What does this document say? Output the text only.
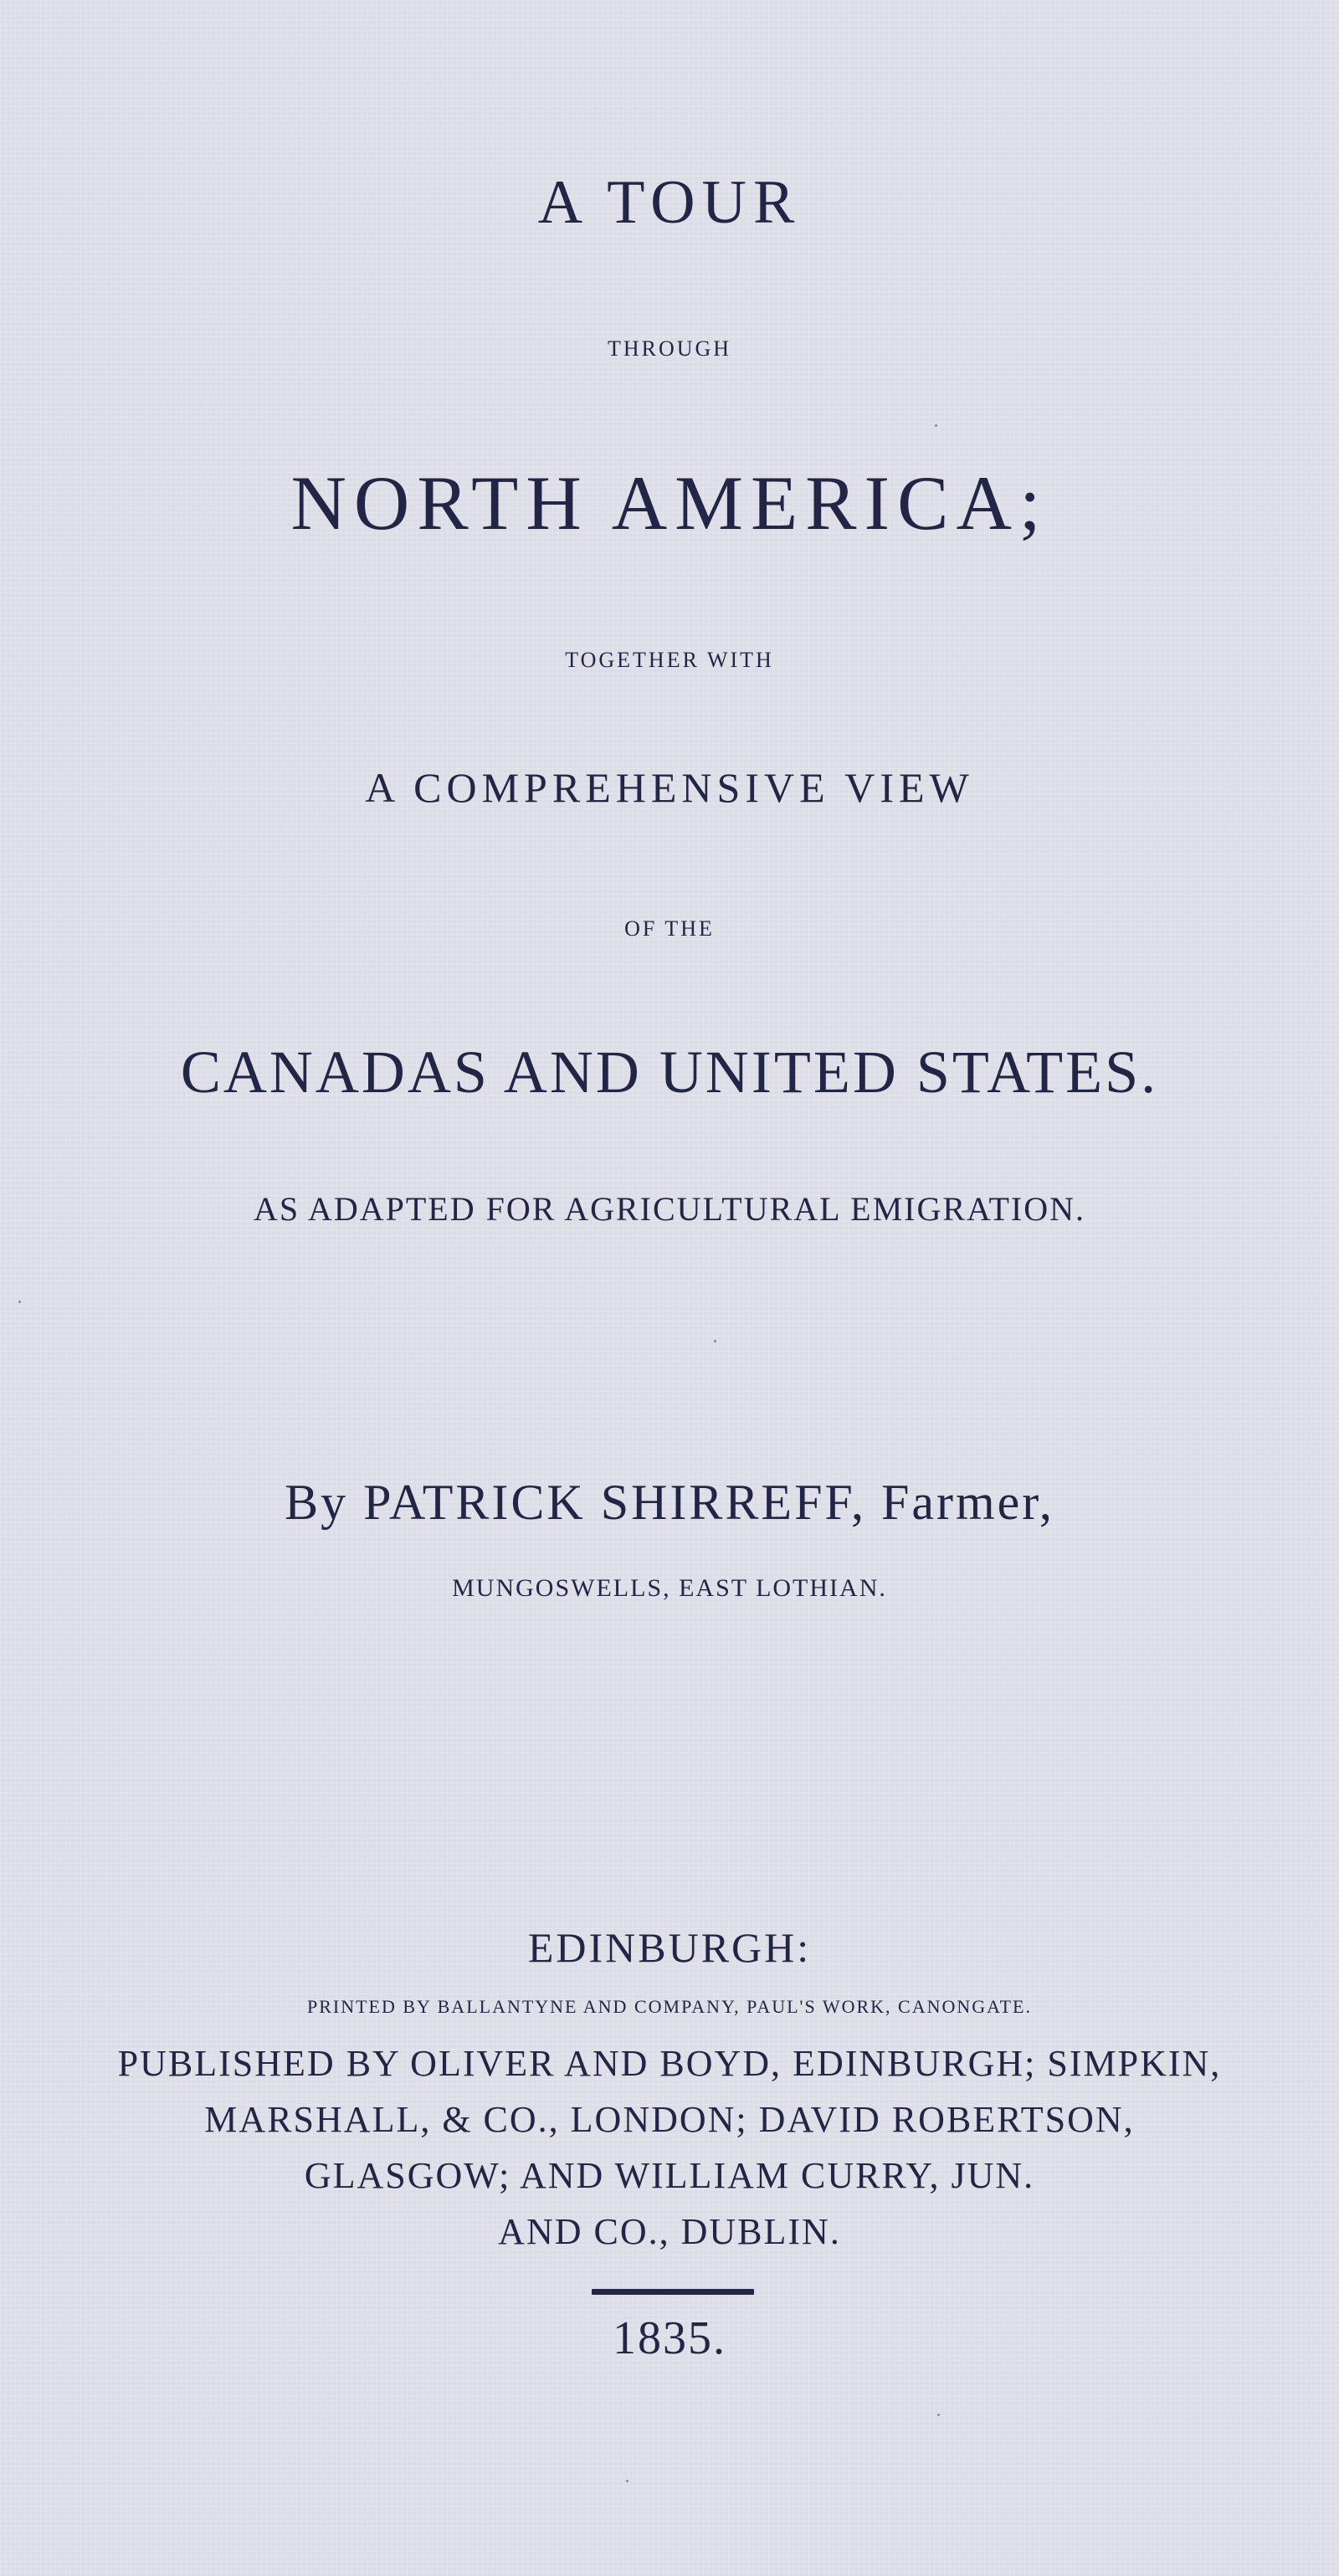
A TOUR
THROUGH
NORTH AMERICA;
TOGETHER WITH
A COMPREHENSIVE VIEW
OF THE
CANADAS AND UNITED STATES.
AS ADAPTED FOR AGRICULTURAL EMIGRATION.
By PATRICK SHIRREFF, Farmer,
MUNGOSWELLS, EAST LOTHIAN.
EDINBURGH:
PRINTED BY BALLANTYNE AND COMPANY, PAUL'S WORK, CANONGATE.
PUBLISHED BY OLIVER AND BOYD, EDINBURGH; SIMPKIN,
MARSHALL, & CO., LONDON; DAVID ROBERTSON,
GLASGOW; AND WILLIAM CURRY, JUN.
AND CO., DUBLIN.
1835.
